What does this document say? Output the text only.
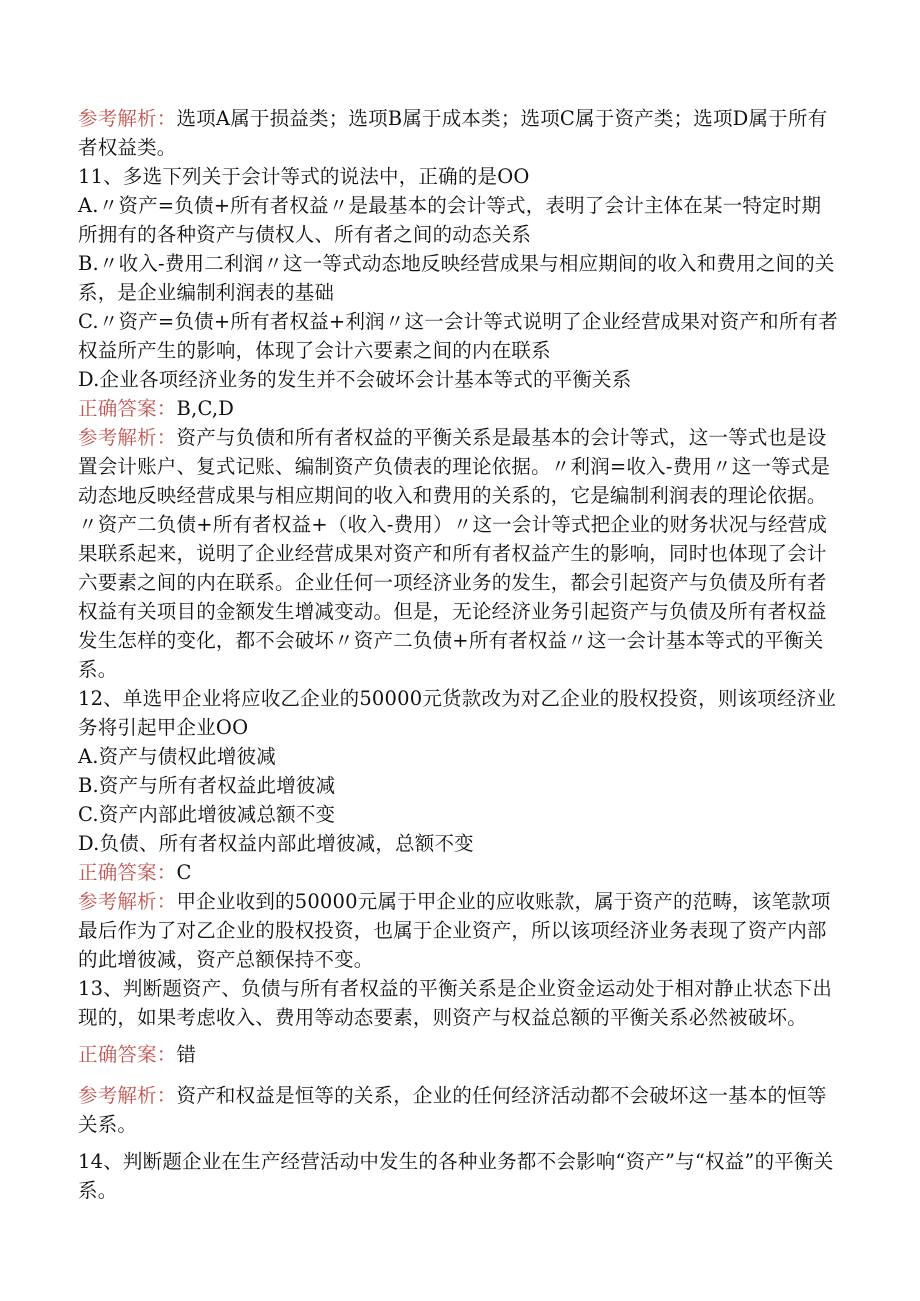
参考解析：选项A属于损益类；选项B属于成本类；选项C属于资产类；选项D属于所有者权益类。

11、多选下列关于会计等式的说法中，正确的是OO

A.〃资产=负债+所有者权益〃是最基本的会计等式，表明了会计主体在某一特定时期所拥有的各种资产与债权人、所有者之间的动态关系

B.〃收入-费用二利润〃这一等式动态地反映经营成果与相应期间的收入和费用之间的关系，是企业编制利润表的基础

C.〃资产=负债+所有者权益+利润〃这一会计等式说明了企业经营成果对资产和所有者权益所产生的影响，体现了会计六要素之间的内在联系

D.企业各项经济业务的发生并不会破坏会计基本等式的平衡关系

正确答案：B,C,D

参考解析：资产与负债和所有者权益的平衡关系是最基本的会计等式，这一等式也是设置会计账户、复式记账、编制资产负债表的理论依据。〃利润=收入-费用〃这一等式是动态地反映经营成果与相应期间的收入和费用的关系的，它是编制利润表的理论依据。〃资产二负债+所有者权益+（收入-费用）〃这一会计等式把企业的财务状况与经营成果联系起来，说明了企业经营成果对资产和所有者权益产生的影响，同时也体现了会计六要素之间的内在联系。企业任何一项经济业务的发生，都会引起资产与负债及所有者权益有关项目的金额发生增减变动。但是，无论经济业务引起资产与负债及所有者权益发生怎样的变化，都不会破坏〃资产二负债+所有者权益〃这一会计基本等式的平衡关系。

12、单选甲企业将应收乙企业的50000元货款改为对乙企业的股权投资，则该项经济业务将引起甲企业OO

A.资产与债权此增彼减

B.资产与所有者权益此增彼减

C.资产内部此增彼减总额不变

D.负债、所有者权益内部此增彼减，总额不变

正确答案：C

参考解析：甲企业收到的50000元属于甲企业的应收账款，属于资产的范畴，该笔款项最后作为了对乙企业的股权投资，也属于企业资产，所以该项经济业务表现了资产内部的此增彼减，资产总额保持不变。

13、判断题资产、负债与所有者权益的平衡关系是企业资金运动处于相对静止状态下出现的，如果考虑收入、费用等动态要素，则资产与权益总额的平衡关系必然被破坏。

正确答案：错

参考解析：资产和权益是恒等的关系，企业的任何经济活动都不会破坏这一基本的恒等关系。

14、判断题企业在生产经营活动中发生的各种业务都不会影响“资产”与“权益”的平衡关系。
